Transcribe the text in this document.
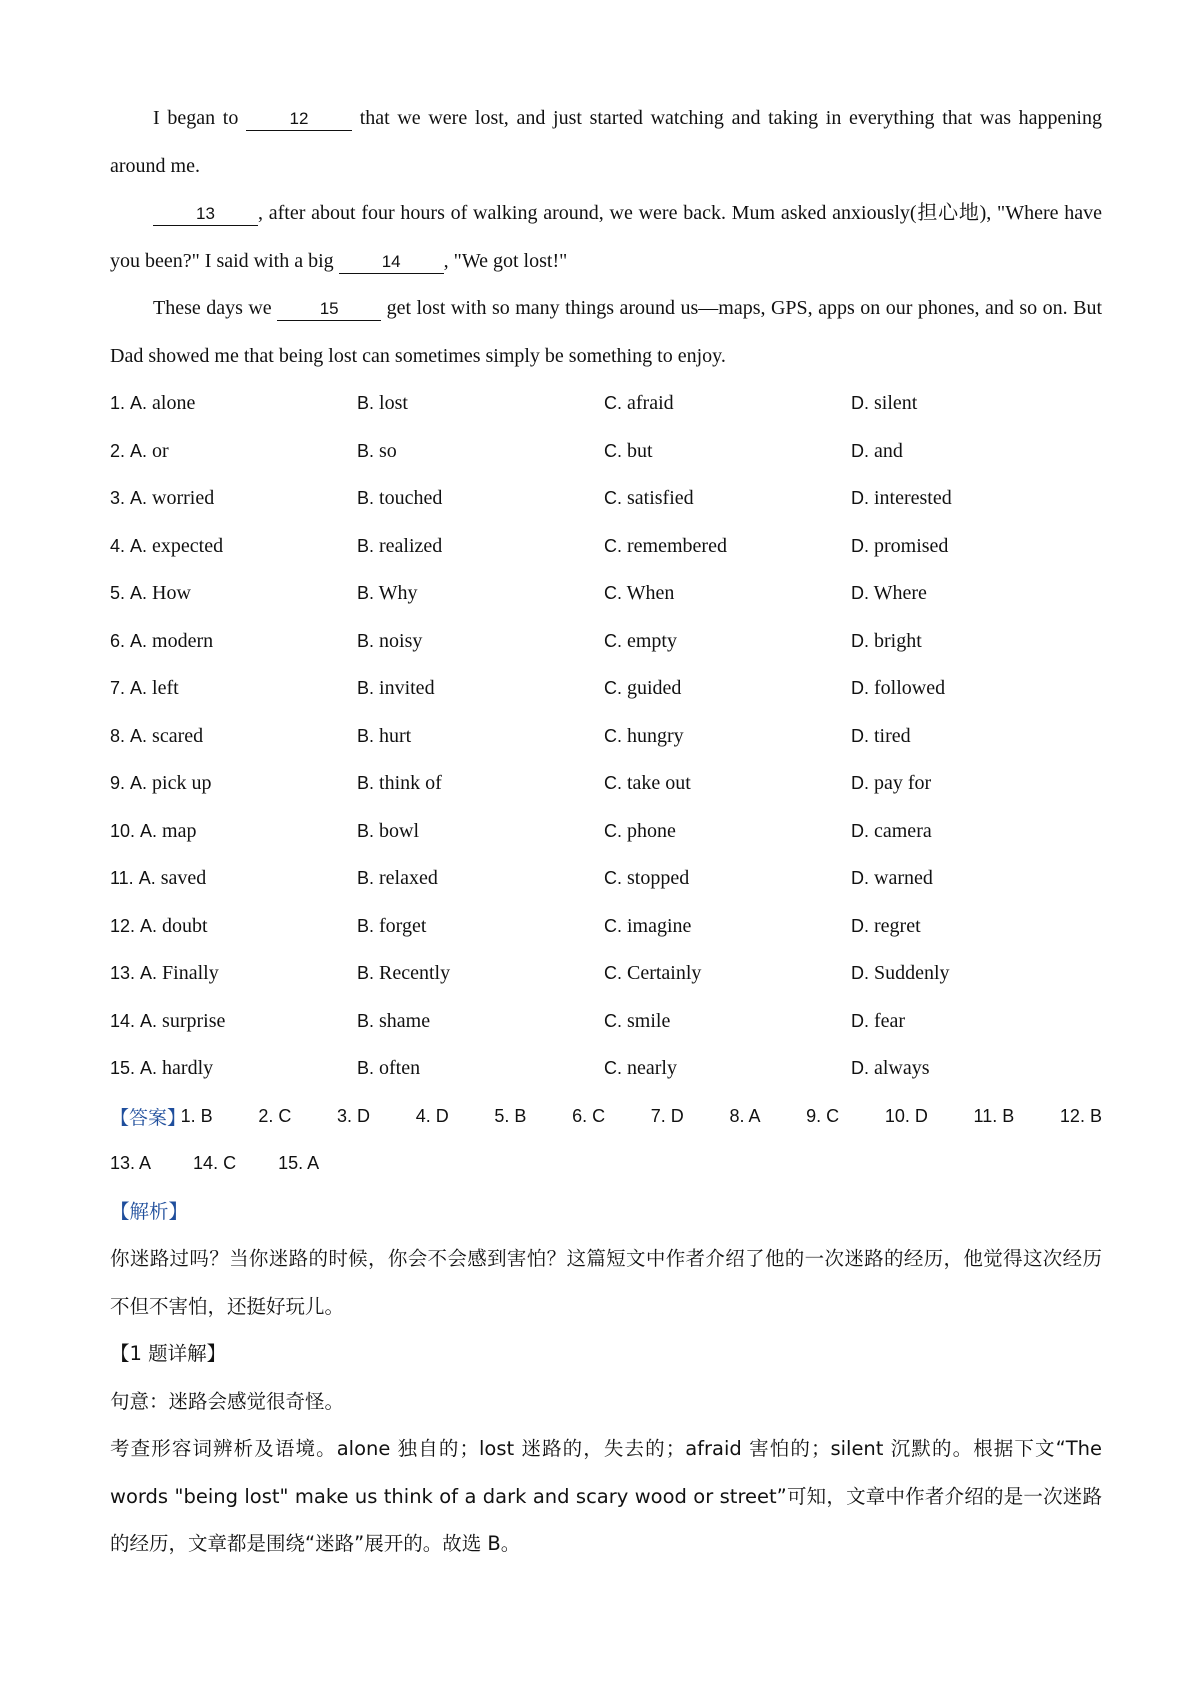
I began to	12 that we were lost, and just started watching and taking in everything that was happening around me.

13 , after about four hours of walking around, we were back. Mum asked anxiously(担心地), "Where have you been?" I said with a big	14 , "We got lost!"

These days we	15 get lost with so many things around us—maps, GPS, apps on our phones, and so on. But Dad showed me that being lost can sometimes simply be something to enjoy.

1. A. alone	B. lost	C. afraid	D. silent
2. A. or	B. so	C. but	D. and
3. A. worried	B. touched	C. satisfied	D. interested
4. A. expected	B. realized	C. remembered	D. promised
5. A. How	B. Why	C. When	D. Where
6. A. modern	B. noisy	C. empty	D. bright
7. A. left	B. invited	C. guided	D. followed
8. A. scared	B. hurt	C. hungry	D. tired
9. A. pick up	B. think of	C. take out	D. pay for
10. A. map	B. bowl	C. phone	D. camera
11. A. saved	B. relaxed	C. stopped	D. warned
12. A. doubt	B. forget	C. imagine	D. regret
13. A. Finally	B. Recently	C. Certainly	D. Suddenly
14. A. surprise	B. shame	C. smile	D. fear
15. A. hardly	B. often	C. nearly	D. always
【答案】
1. B	2. C	3. D	4. D	5. B	6. C	7. D	8. A	9. C	10. D	11. B	12. B
13. A 14. C 15. A

【解析】

你迷路过吗？当你迷路的时候，你会不会感到害怕？这篇短文中作者介绍了他的一次迷路的经历，他觉得这次经历不但不害怕，还挺好玩儿。

【1 题详解】

句意：迷路会感觉很奇怪。

考查形容词辨析及语境。alone 独自的；lost 迷路的，失去的；afraid 害怕的；silent 沉默的。根据下文“The words "being lost" make us think of a dark and scary wood or street”可知，文章中作者介绍的是一次迷路的经历，文章都是围绕“迷路”展开的。故选 B。
